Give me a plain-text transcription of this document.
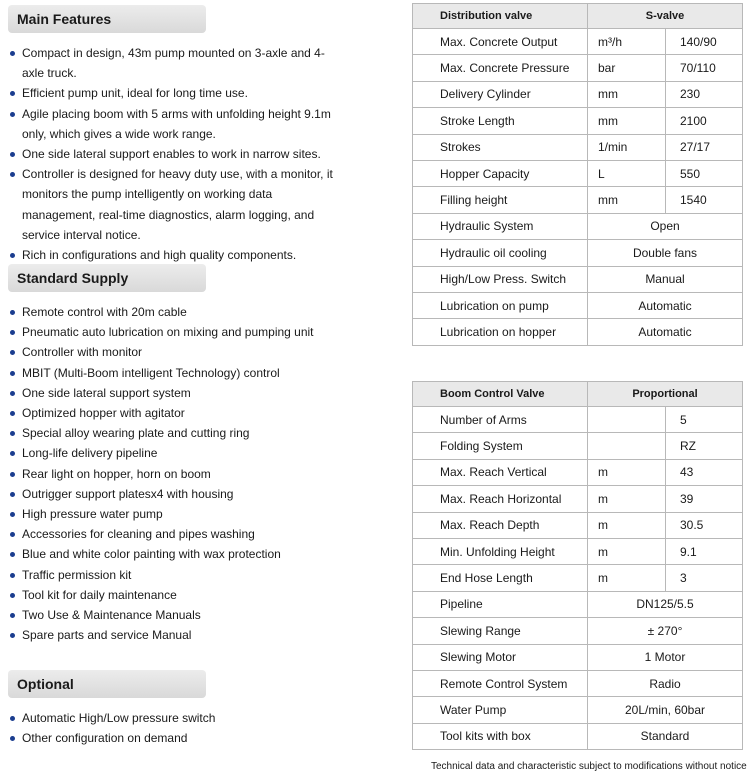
Main Features
Compact in design, 43m pump mounted on 3-axle and 4-axle truck.
Efficient pump unit, ideal for long time use.
Agile placing boom with 5 arms with unfolding height 9.1m only, which gives a wide work range.
One side lateral support enables to work in narrow sites.
Controller is designed for heavy duty use, with a monitor, it monitors the pump intelligently on working data management, real-time diagnostics, alarm logging, and service interval notice.
Rich in configurations and high quality components.
Standard Supply
Remote control with 20m cable
Pneumatic auto lubrication on mixing and pumping unit
Controller with monitor
MBIT (Multi-Boom intelligent Technology) control
One side lateral support system
Optimized hopper with agitator
Special alloy wearing plate and cutting ring
Long-life delivery pipeline
Rear light on hopper, horn on boom
Outrigger support platesx4 with housing
High pressure water pump
Accessories for cleaning and pipes washing
Blue and white color painting with wax protection
Traffic permission kit
Tool kit for daily maintenance
Two Use & Maintenance Manuals
Spare parts and service Manual
Optional
Automatic High/Low pressure switch
Other configuration on demand
Distribution valve	S-valve	
Max. Concrete Output	m³/h	140/90
Max. Concrete Pressure	bar	70/110
Delivery Cylinder	mm	230
Stroke Length	mm	2100
Strokes	1/min	27/17
Hopper Capacity	L	550
Filling height	mm	1540
Hydraulic System	Open	
Hydraulic oil cooling	Double fans	
High/Low Press. Switch	Manual	
Lubrication on pump	Automatic	
Lubrication on hopper	Automatic	
Boom Control Valve	Proportional	
Number of Arms		5
Folding System		RZ
Max. Reach Vertical	m	43
Max. Reach Horizontal	m	39
Max. Reach Depth	m	30.5
Min. Unfolding Height	m	9.1
End Hose Length	m	3
Pipeline	DN125/5.5	
Slewing Range	± 270°	
Slewing Motor	1 Motor	
Remote Control System	Radio	
Water Pump	20L/min, 60bar	
Tool kits with box	Standard	
Technical data and characteristic subject to modifications without notice
